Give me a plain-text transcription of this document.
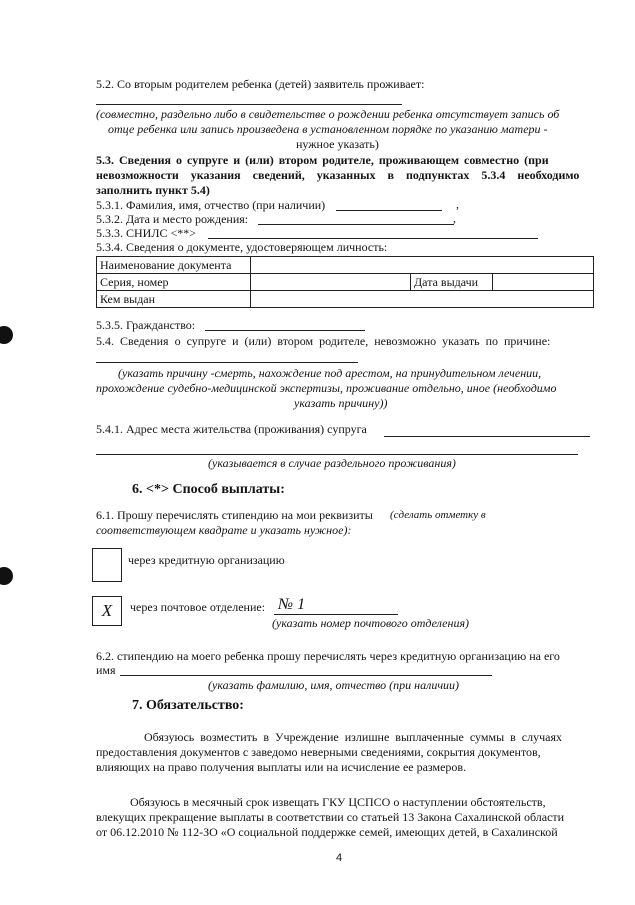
5.2. Со вторым родителем ребенка (детей) заявитель проживает:
(совместно, раздельно либо в свидетельстве о рождении ребенка отсутствует запись об
отце ребенка или запись произведена в установленном порядке по указанию матери -
нужное указать)
5.3. Сведения о супруге и (или) втором родителе, проживающем совместно (при
невозможности указания сведений, указанных в подпунктах 5.3.4 необходимо
заполнить пункт 5.4)
5.3.1. Фамилия, имя, отчество (при наличии)	,
5.3.2. Дата и место рождения:	,
5.3.3. СНИЛС <**>
5.3.4. Сведения о документе, удостоверяющем личность:
Наименование документа			
Серия, номер		Дата выдачи	
Кем выдан			
5.3.5. Гражданство:
5.4. Сведения о супруге и (или) втором родителе, невозможно указать по причине:
(указать причину -смерть, нахождение под арестом, на принудительном лечении,
прохождение судебно-медицинской экспертизы, проживание отдельно, иное (необходимо
указать причину))
5.4.1. Адрес места жительства (проживания) супруга
(указывается в случае раздельного проживания)
6. <*> Способ выплаты:
6.1. Прошу перечислять стипендию на мои реквизиты (сделать отметку в
соответствующем квадрате и указать нужное):
через кредитную организацию
X	через почтовое отделение: № 1
(указать номер почтового отделения)
6.2. стипендию на моего ребенка прошу перечислять через кредитную организацию на его
имя
(указать фамилию, имя, отчество (при наличии)
7. Обязательство:
Обязуюсь возместить в Учреждение излишне выплаченные суммы в случаях
предоставления документов с заведомо неверными сведениями, сокрытия документов,
влияющих на право получения выплаты или на исчисление ее размеров.
Обязуюсь в месячный срок извещать ГКУ ЦСПСО о наступлении обстоятельств,
влекущих прекращение выплаты в соответствии со статьей 13 Закона Сахалинской области
от 06.12.2010 № 112-ЗО «О социальной поддержке семей, имеющих детей, в Сахалинской
4
